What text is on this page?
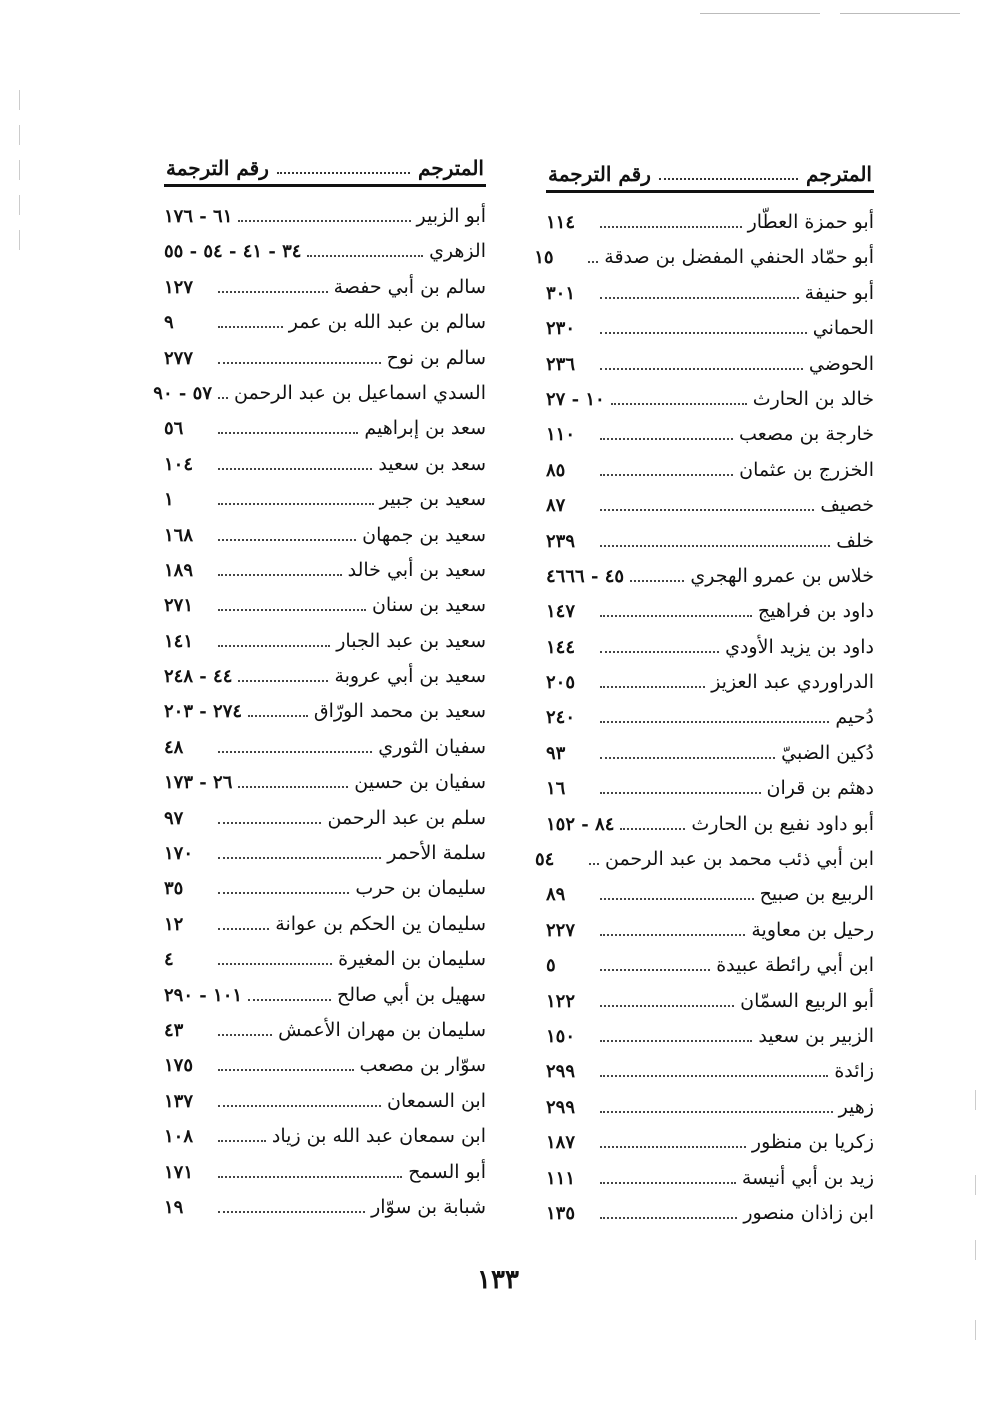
المترجم
رقم الترجمة
أبو حمزة العطّار
١١٤
أبو حمّاد الحنفي المفضل بن صدقة
١٥
أبو حنيفة
٣٠١
الحماني
٢٣٠
الحوضي
٢٣٦
خالد بن الحارث
١٠ - ٢٧
خارجة بن مصعب
١١٠
الخزرج بن عثمان
٨٥
خصيف
٨٧
خلف
٢٣٩
خلاس بن عمرو الهجري
٤٥ - ٤٦٦٦
داود بن فراهيج
١٤٧
داود بن يزيد الأودي
١٤٤
الدراوردي عبد العزيز
٢٠٥
دُحيم
٢٤٠
دُكين الضبيّ
٩٣
دهثم بن قران
١٦
أبو داود نفيع بن الحارث
٨٤ - ١٥٢
ابن أبي ذئب محمد بن عبد الرحمن
٥٤
الربيع بن صبيح
٨٩
رحيل بن معاوية
٢٢٧
ابن أبي رائطة عبيدة
٥
أبو الربيع السمّان
١٢٢
الزبير بن سعيد
١٥٠
زائدة
٢٩٩
زهير
٢٩٩
زكريا بن منظور
١٨٧
زيد بن أبي أنيسة
١١١
ابن زاذان منصور
١٣٥
المترجم
رقم الترجمة
أبو الزبير
٦١ - ١٧٦
الزهري
٣٤ - ٤١ - ٥٤ - ٥٥
سالم بن أبي حفصة
١٢٧
سالم بن عبد الله بن عمر
٩
سالم بن نوح
٢٧٧
السدي اسماعيل بن عبد الرحمن
٥٧ - ٩٠
سعد بن إبراهيم
٥٦
سعد بن سعيد
١٠٤
سعيد بن جبير
١
سعيد بن جمهان
١٦٨
سعيد بن أبي خالد
١٨٩
سعيد بن سنان
٢٧١
سعيد بن عبد الجبار
١٤١
سعيد بن أبي عروبة
٤٤ - ٢٤٨
سعيد بن محمد الورّاق
٢٧٤ - ٢٠٣
سفيان الثوري
٤٨
سفيان بن حسين
٢٦ - ١٧٣
سلم بن عبد الرحمن
٩٧
سلمة الأحمر
١٧٠
سليمان بن حرب
٣٥
سليمان ين الحكم بن عوانة
١٢
سليمان بن المغيرة
٤
سهيل بن أبي صالح
١٠١ - ٢٩٠
سليمان بن مهران الأعمش
٤٣
سوّار بن مصعب
١٧٥
ابن السمعان
١٣٧
ابن سمعان عبد الله بن زياد
١٠٨
أبو السمح
١٧١
شبابة بن سوّار
١٩
١٣٣
